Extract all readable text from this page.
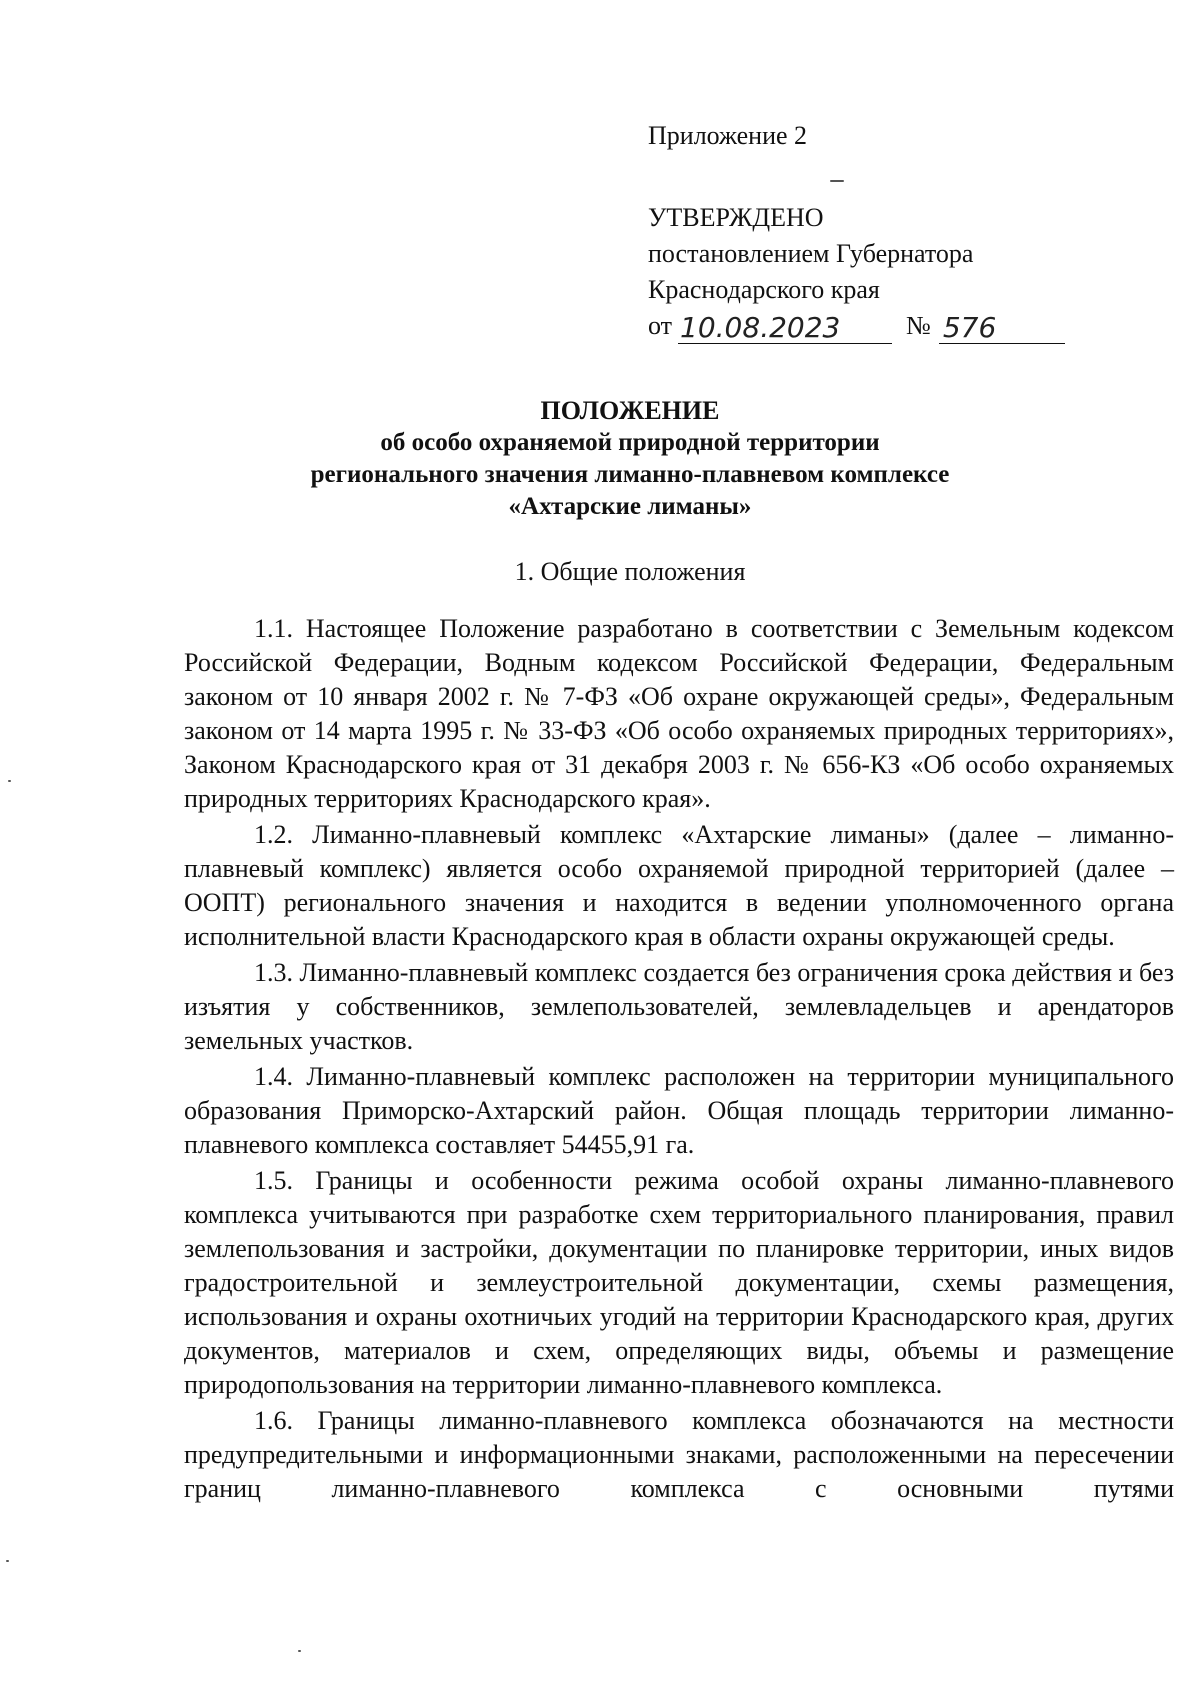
Приложение 2
УТВЕРЖДЕНО
постановлением Губернатора
Краснодарского края
от 10.08.2023	№ 576
ПОЛОЖЕНИЕ
об особо охраняемой природной территории
регионального значения лиманно-плавневом комплексе
«Ахтарские лиманы»
1. Общие положения

1.1. Настоящее Положение разработано в соответствии с Земельным кодексом Российской Федерации, Водным кодексом Российской Федерации, Федеральным законом от 10 января 2002 г. № 7-ФЗ «Об охране окружающей среды», Федеральным законом от 14 марта 1995 г. № 33-ФЗ «Об особо охраняемых природных территориях», Законом Краснодарского края от 31 декабря 2003 г. № 656-КЗ «Об особо охраняемых природных территориях Краснодарского края».

1.2. Лиманно-плавневый комплекс «Ахтарские лиманы» (далее – лиманно-плавневый комплекс) является особо охраняемой природной территорией (далее – ООПТ) регионального значения и находится в ведении уполномоченного органа исполнительной власти Краснодарского края в области охраны окружающей среды.

1.3. Лиманно-плавневый комплекс создается без ограничения срока действия и без изъятия у собственников, землепользователей, землевладельцев и арендаторов земельных участков.

1.4. Лиманно-плавневый комплекс расположен на территории муниципального образования Приморско-Ахтарский район. Общая площадь территории лиманно-плавневого комплекса составляет 54455,91 га.

1.5. Границы и особенности режима особой охраны лиманно-плавневого комплекса учитываются при разработке схем территориального планирования, правил землепользования и застройки, документации по планировке территории, иных видов градостроительной и землеустроительной документации, схемы размещения, использования и охраны охотничьих угодий на территории Краснодарского края, других документов, материалов и схем, определяющих виды, объемы и размещение природопользования на территории лиманно-плавневого комплекса.

1.6. Границы лиманно-плавневого комплекса обозначаются на местности предупредительными и информационными знаками, расположенными на пересечении границ лиманно-плавневого комплекса с основными путями
